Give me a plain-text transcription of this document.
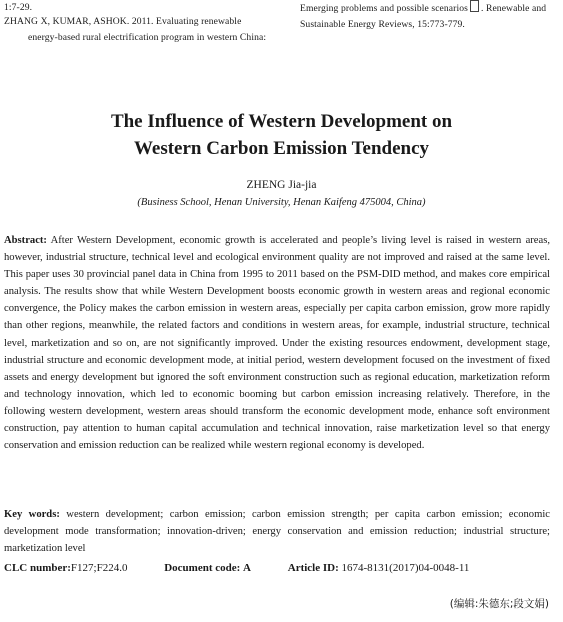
1:7-29.
ZHANG X, KUMAR, ASHOK. 2011. Evaluating renewable
energy-based rural electrification program in western China:
Emerging problems and possible scenarios . Renewable and
Sustainable Energy Reviews, 15:773-779.
The Influence of Western Development on
Western Carbon Emission Tendency
ZHENG Jia-jia
(Business School, Henan University, Henan Kaifeng 475004, China)
Abstract: After Western Development, economic growth is accelerated and people’s living level is raised in western areas, however, industrial structure, technical level and ecological environment quality are not improved and raised at the same level. This paper uses 30 provincial panel data in China from 1995 to 2011 based on the PSM-DID method, and makes core empirical analysis. The results show that while Western Development boosts economic growth in western areas and regional economic convergence, the Policy makes the carbon emission in western areas, especially per capita carbon emission, grow more rapidly than other regions, meanwhile, the related factors and conditions in western areas, for example, industrial structure, technical level, marketization and so on, are not significantly improved. Under the existing resources endowment, development stage, industrial structure and economic development mode, at initial period, western development focused on the investment of fixed assets and energy development but ignored the soft environment construction such as regional education, marketization reform and technology innovation, which led to economic booming but carbon emission increasing relatively. Therefore, in the following western development, western areas should transform the economic development mode, enhance soft environment construction, pay attention to human capital accumulation and technical innovation, raise marketization level so that energy conservation and emission reduction can be realized while western regional economy is developed.
Key words: western development; carbon emission; carbon emission strength; per capita carbon emission; economic development mode transformation; innovation-driven; energy conservation and emission reduction; industrial structure; marketization level
CLC number:F127;F224.0	Document code: A	Article ID: 1674-8131(2017)04-0048-11
(编辑:朱德东;段文娟)
